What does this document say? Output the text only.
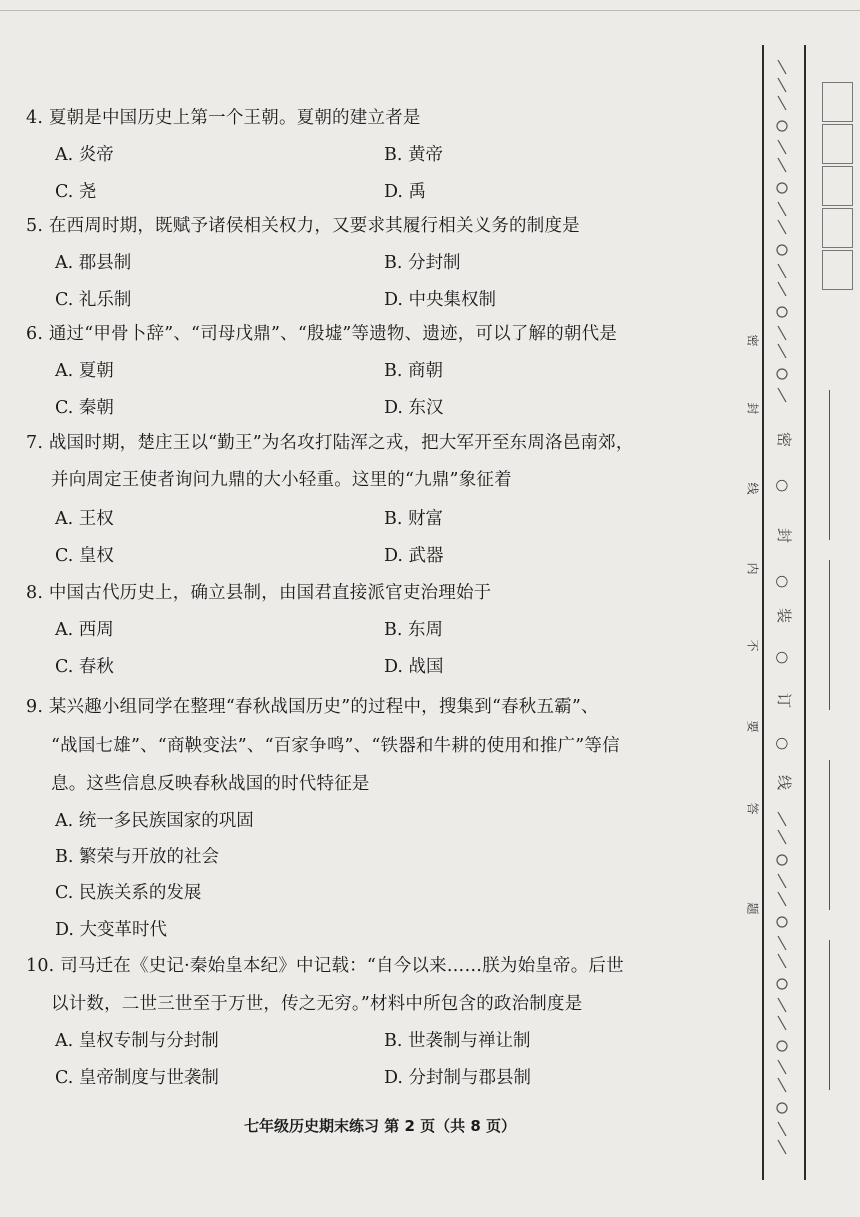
4. 夏朝是中国历史上第一个王朝。夏朝的建立者是
A. 炎帝	B. 黄帝
C. 尧	D. 禹
5. 在西周时期，既赋予诸侯相关权力，又要求其履行相关义务的制度是
A. 郡县制	B. 分封制
C. 礼乐制	D. 中央集权制
6. 通过“甲骨卜辞”、“司母戊鼎”、“殷墟”等遗物、遗迹，可以了解的朝代是
A. 夏朝	B. 商朝
C. 秦朝	D. 东汉
7. 战国时期，楚庄王以“勤王”为名攻打陆浑之戎，把大军开至东周洛邑南郊，
并向周定王使者询问九鼎的大小轻重。这里的“九鼎”象征着
A. 王权	B. 财富
C. 皇权	D. 武器
8. 中国古代历史上，确立县制，由国君直接派官吏治理始于
A. 西周	B. 东周
C. 春秋	D. 战国
9. 某兴趣小组同学在整理“春秋战国历史”的过程中，搜集到“春秋五霸”、
“战国七雄”、“商鞅变法”、“百家争鸣”、“铁器和牛耕的使用和推广”等信
息。这些信息反映春秋战国的时代特征是
A. 统一多民族国家的巩固
B. 繁荣与开放的社会
C. 民族关系的发展
D. 大变革时代
10. 司马迁在《史记·秦始皇本纪》中记载：“自今以来……朕为始皇帝。后世
以计数，二世三世至于万世，传之无穷。”材料中所包含的政治制度是
A. 皇权专制与分封制	B. 世袭制与禅让制
C. 皇帝制度与世袭制	D. 分封制与郡县制
七年级历史期末练习 第 2 页（共 8 页）
密
封
线
内
不
要
答
题
密
○
封
○
装
○
订
○
线
